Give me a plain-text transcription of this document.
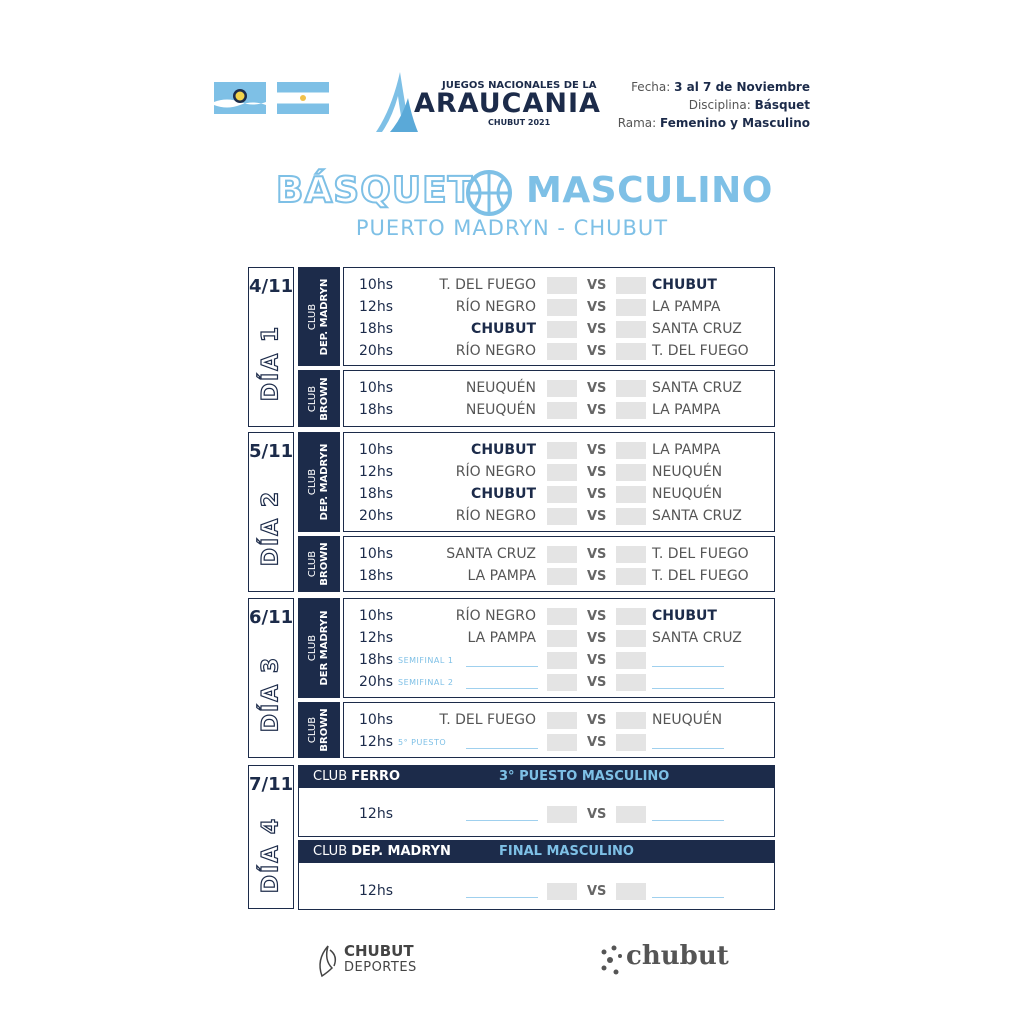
JUEGOS NACIONALES DE LA
ARAUCANIA
CHUBUT 2021
Fecha: 3 al 7 de Noviembre
Disciplina: Básquet
Rama: Femenino y Masculino
BÁSQUET MASCULINO
PUERTO MADRYN - CHUBUT
4/11
DÍA 1
5/11
DÍA 2
6/11
DÍA 3
7/11
DÍA 4
CLUB DEP. MADRYN
CLUB BROWN
CLUB DEP. MADRYN
CLUB BROWN
CLUB DER MADRYN
CLUB BROWN
10hs	T. DEL FUEGO	VS	CHUBUT
12hs	RÍO NEGRO	VS	LA PAMPA
18hs	CHUBUT	VS	SANTA CRUZ
20hs	RÍO NEGRO	VS	T. DEL FUEGO
10hs	NEUQUÉN	VS	SANTA CRUZ
18hs	NEUQUÉN	VS	LA PAMPA
10hs	CHUBUT	VS	LA PAMPA
12hs	RÍO NEGRO	VS	NEUQUÉN
18hs	CHUBUT	VS	NEUQUÉN
20hs	RÍO NEGRO	VS	SANTA CRUZ
10hs	SANTA CRUZ	VS	T. DEL FUEGO
18hs	LA PAMPA	VS	T. DEL FUEGO
10hs	RÍO NEGRO	VS	CHUBUT
12hs	LA PAMPA	VS	SANTA CRUZ
18hs SEMIFINAL 1	VS
20hs SEMIFINAL 2	VS
10hs	T. DEL FUEGO	VS	NEUQUÉN
12hs 5° PUESTO	VS
CLUB FERRO	3° PUESTO MASCULINO
12hs	VS
CLUB DEP. MADRYN	FINAL MASCULINO
12hs	VS
CHUBUT
DEPORTES	chubut
